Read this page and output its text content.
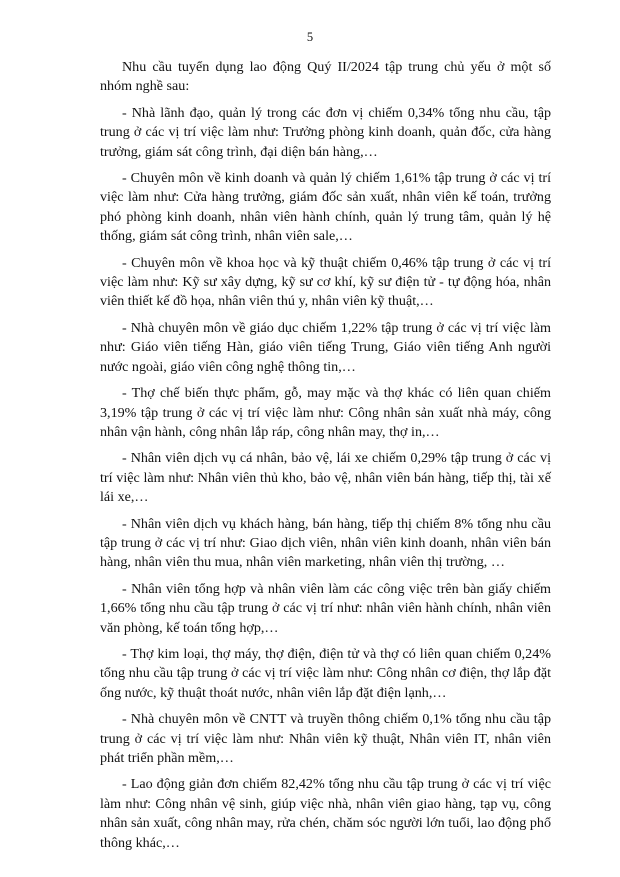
5

Nhu cầu tuyển dụng lao động Quý II/2024 tập trung chủ yếu ở một số nhóm nghề sau:

- Nhà lãnh đạo, quản lý trong các đơn vị chiếm 0,34% tổng nhu cầu, tập trung ở các vị trí việc làm như: Trưởng phòng kinh doanh, quản đốc, cửa hàng trưởng, giám sát công trình, đại diện bán hàng,…

- Chuyên môn về kinh doanh và quản lý chiếm 1,61% tập trung ở các vị trí việc làm như: Cửa hàng trưởng, giám đốc sản xuất, nhân viên kế toán, trưởng phó phòng kinh doanh, nhân viên hành chính, quản lý trung tâm, quản lý hệ thống, giám sát công trình, nhân viên sale,…

- Chuyên môn về khoa học và kỹ thuật chiếm 0,46% tập trung ở các vị trí việc làm như: Kỹ sư xây dựng, kỹ sư cơ khí, kỹ sư điện tử - tự động hóa, nhân viên thiết kế đồ họa, nhân viên thú y, nhân viên kỹ thuật,…

- Nhà chuyên môn về giáo dục chiếm 1,22% tập trung ở các vị trí việc làm như: Giáo viên tiếng Hàn, giáo viên tiếng Trung, Giáo viên tiếng Anh người nước ngoài, giáo viên công nghệ thông tin,…

- Thợ chế biến thực phẩm, gỗ, may mặc và thợ khác có liên quan chiếm 3,19% tập trung ở các vị trí việc làm như: Công nhân sản xuất nhà máy, công nhân vận hành, công nhân lắp ráp, công nhân may, thợ in,…

- Nhân viên dịch vụ cá nhân, bảo vệ, lái xe chiếm 0,29% tập trung ở các vị trí việc làm như: Nhân viên thủ kho, bảo vệ, nhân viên bán hàng, tiếp thị, tài xế lái xe,…

- Nhân viên dịch vụ khách hàng, bán hàng, tiếp thị chiếm 8% tổng nhu cầu tập trung ở các vị trí như: Giao dịch viên, nhân viên kinh doanh, nhân viên bán hàng, nhân viên thu mua, nhân viên marketing, nhân viên thị trường, …

- Nhân viên tổng hợp và nhân viên làm các công việc trên bàn giấy chiếm 1,66% tổng nhu cầu tập trung ở các vị trí như: nhân viên hành chính, nhân viên văn phòng, kế toán tổng hợp,…

- Thợ kim loại, thợ máy, thợ điện, điện tử và thợ có liên quan chiếm 0,24% tổng nhu cầu tập trung ở các vị trí việc làm như: Công nhân cơ điện, thợ lắp đặt ống nước, kỹ thuật thoát nước, nhân viên lắp đặt điện lạnh,…

- Nhà chuyên môn về CNTT và truyền thông chiếm 0,1% tổng nhu cầu tập trung ở các vị trí việc làm như: Nhân viên kỹ thuật, Nhân viên IT, nhân viên phát triển phần mềm,…

- Lao động giản đơn chiếm 82,42% tổng nhu cầu tập trung ở các vị trí việc làm như: Công nhân vệ sinh, giúp việc nhà, nhân viên giao hàng, tạp vụ, công nhân sản xuất, công nhân may, rửa chén, chăm sóc người lớn tuổi, lao động phổ thông khác,…
